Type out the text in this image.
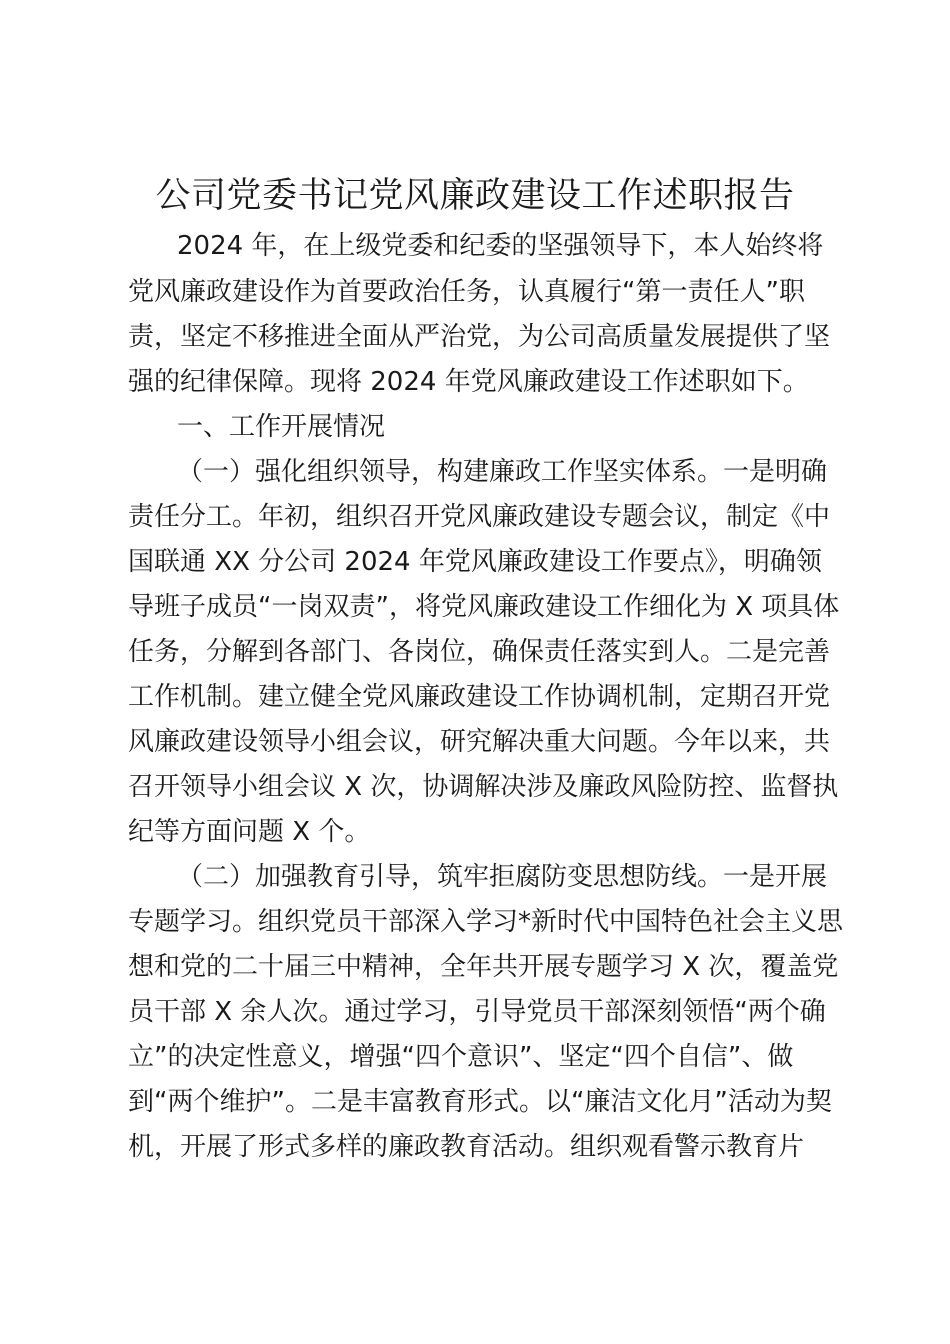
公司党委书记党风廉政建设工作述职报告
2024 年，在上级党委和纪委的坚强领导下，本人始终将
党风廉政建设作为首要政治任务，认真履行“第一责任人”职
责，坚定不移推进全面从严治党，为公司高质量发展提供了坚
强的纪律保障。现将 2024 年党风廉政建设工作述职如下。
一、工作开展情况
（一）强化组织领导，构建廉政工作坚实体系。一是明确
责任分工。年初，组织召开党风廉政建设专题会议，制定《中
国联通 XX 分公司 2024 年党风廉政建设工作要点》，明确领
导班子成员“一岗双责”，将党风廉政建设工作细化为 X 项具体
任务，分解到各部门、各岗位，确保责任落实到人。二是完善
工作机制。建立健全党风廉政建设工作协调机制，定期召开党
风廉政建设领导小组会议，研究解决重大问题。今年以来，共
召开领导小组会议 X 次，协调解决涉及廉政风险防控、监督执
纪等方面问题 X 个。
（二）加强教育引导，筑牢拒腐防变思想防线。一是开展
专题学习。组织党员干部深入学习*新时代中国特色社会主义思
想和党的二十届三中精神，全年共开展专题学习 X 次，覆盖党
员干部 X 余人次。通过学习，引导党员干部深刻领悟“两个确
立”的决定性意义，增强“四个意识”、坚定“四个自信”、做
到“两个维护”。二是丰富教育形式。以“廉洁文化月”活动为契
机，开展了形式多样的廉政教育活动。组织观看警示教育片
